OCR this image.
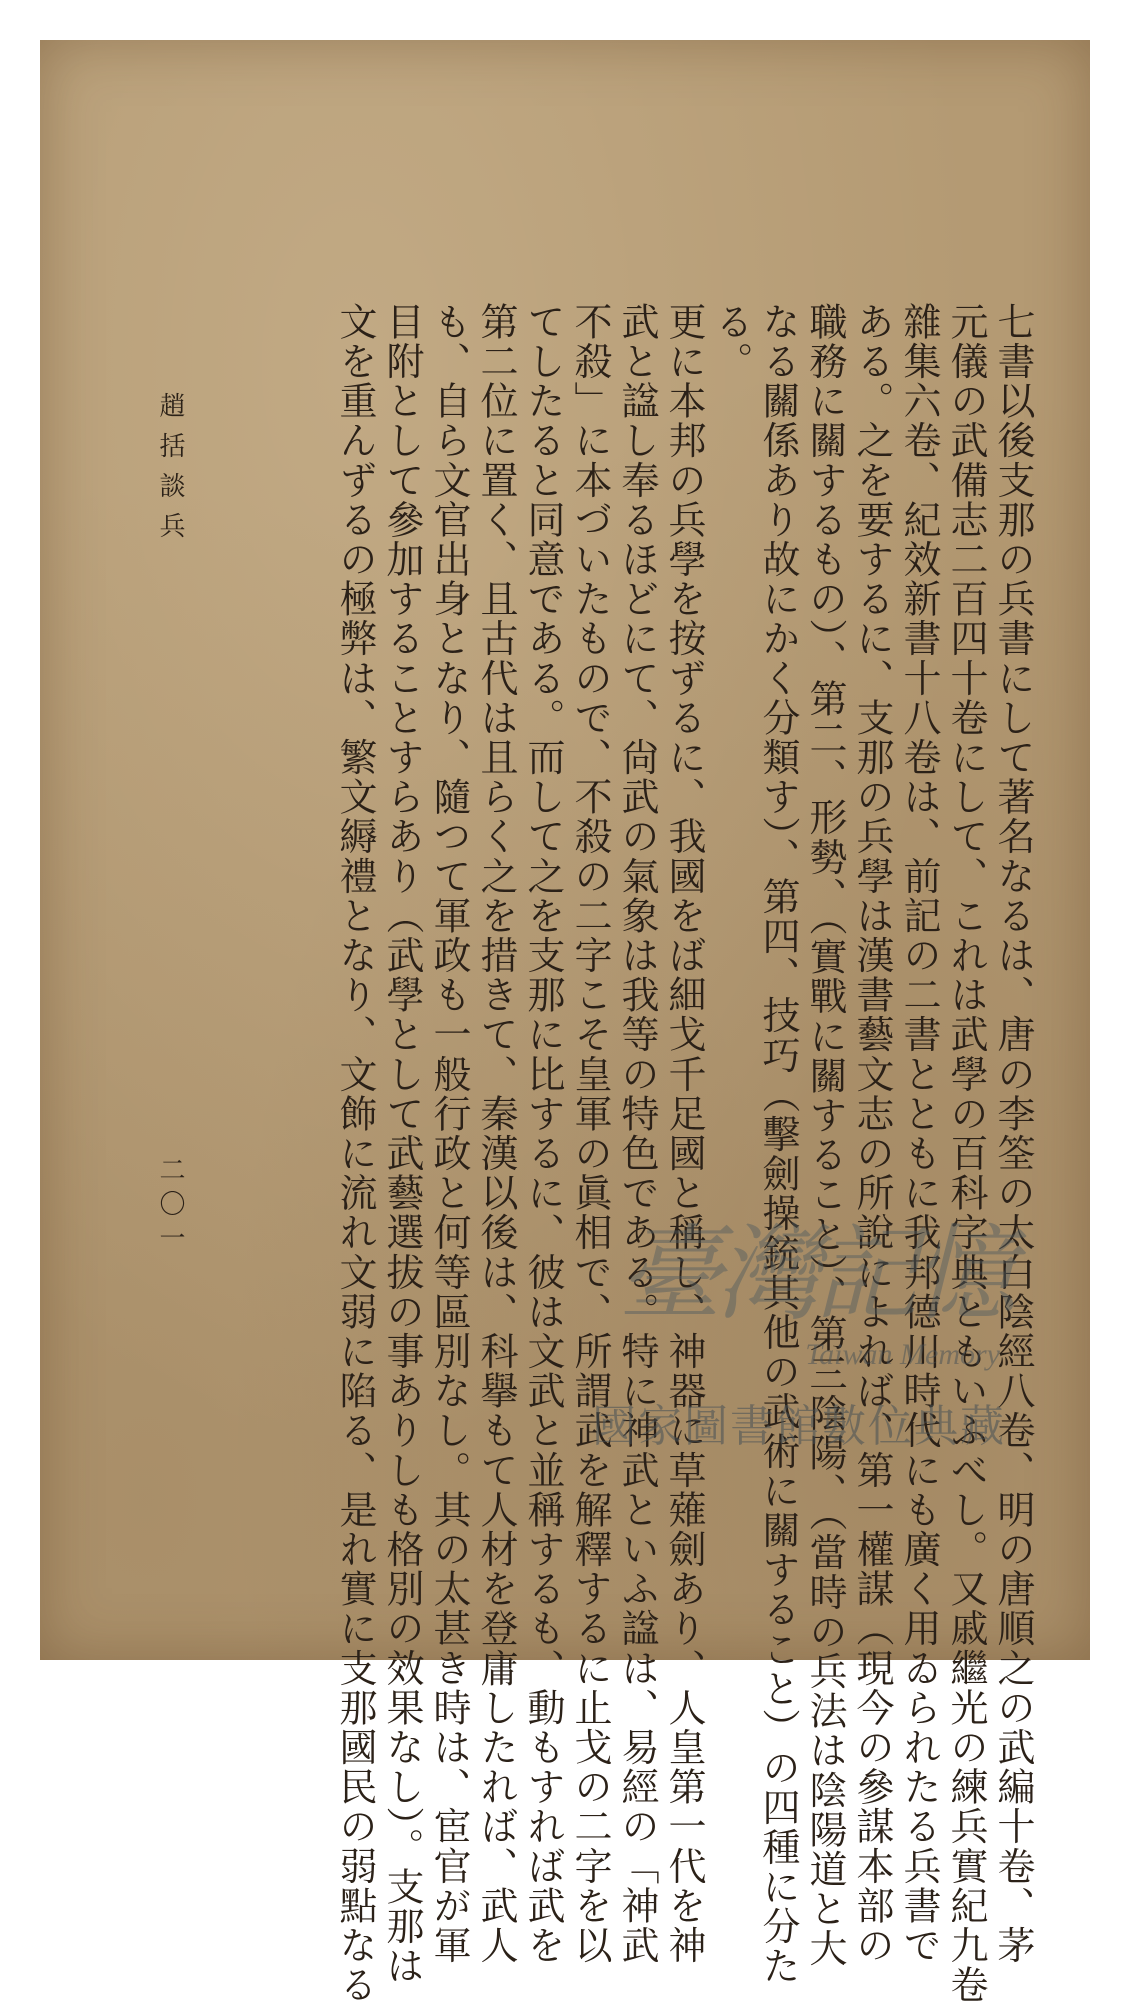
七書以後支那の兵書にして著名なるは、唐の李筌の太白陰經八卷、明の唐順之の武編十卷、茅

元儀の武備志二百四十卷にして、これは武學の百科字典ともいふべし。又戚繼光の練兵實紀九卷

雜集六卷、紀效新書十八卷は、前記の二書とともに我邦德川時代にも廣く用ゐられたる兵書で

ある。之を要するに、支那の兵學は漢書藝文志の所說によれば、第一權謀（現今の參謀本部の

職務に關するもの）、第二、形勢、（實戰に關すること）、第三陰陽、（當時の兵法は陰陽道と大

なる關係あり故にかく分類す）、第四、技巧（擊劍操銃其他の武術に關すること）の四種に分た

る。

更に本邦の兵學を按ずるに、我國をば細戈千足國と稱し、神器に草薙劍あり、人皇第一代を神

武と諡し奉るほどにて、尙武の氣象は我等の特色である。特に神武といふ諡は、易經の「神武

不殺」に本づいたもので、不殺の二字こそ皇軍の眞相で、所謂武を解釋するに止戈の二字を以

てしたると同意である。而して之を支那に比するに、彼は文武と並稱するも、動もすれば武を

第二位に置く、且古代は且らく之を措きて、秦漢以後は、科擧もて人材を登庸したれば、武人

も、自ら文官出身となり、隨つて軍政も一般行政と何等區別なし。其の太甚き時は、宦官が軍

目附として參加することすらあり（武學として武藝選拔の事ありしも格別の效果なし）。支那は

文を重んずるの極弊は、繁文縟禮となり、文飾に流れ文弱に陷る、是れ實に支那國民の弱點なる

趙括談兵
二〇一
臺灣記憶
Taiwan Memory
國家圖書館數位典藏
